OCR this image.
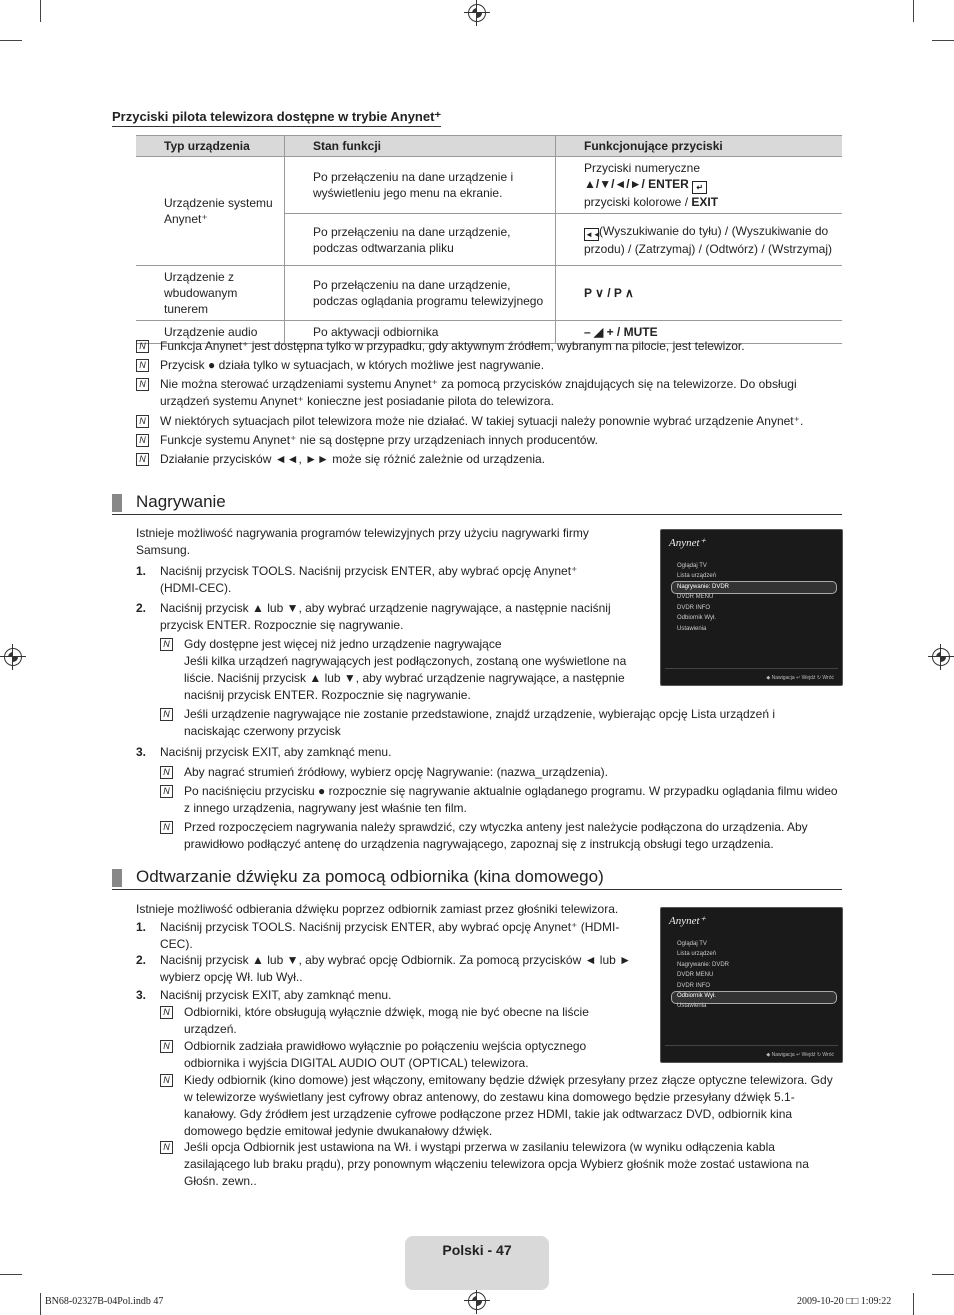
Przyciski pilota telewizora dostępne w trybie Anynet⁺
Typ urządzenia	Stan funkcji	Funkcjonujące przyciski
Urządzenie systemu Anynet⁺	Po przełączeniu na dane urządzenie i wyświetleniu jego menu na ekranie.	Przyciski numeryczne
▲/▼/◄/►/ ENTER ↵
przyciski kolorowe / EXIT

	Po przełączeniu na dane urządzenie, podczas odtwarzania pliku	◄◄(Wyszukiwanie do tyłu) / (Wyszukiwanie do przodu) / (Zatrzymaj) / (Odtwórz) / (Wstrzymaj)
Urządzenie z wbudowanym tunerem	Po przełączeniu na dane urządzenie, podczas oglądania programu telewizyjnego	P ∨ / P ∧
Urządzenie audio	Po aktywacji odbiornika	– ◢ + / MUTE
N Funkcja Anynet⁺ jest dostępna tylko w przypadku, gdy aktywnym źródłem, wybranym na pilocie, jest telewizor.
N Przycisk ● działa tylko w sytuacjach, w których możliwe jest nagrywanie.
N Nie można sterować urządzeniami systemu Anynet⁺ za pomocą przycisków znajdujących się na telewizorze. Do obsługi urządzeń systemu Anynet⁺ konieczne jest posiadanie pilota do telewizora.
N W niektórych sytuacjach pilot telewizora może nie działać. W takiej sytuacji należy ponownie wybrać urządzenie Anynet⁺.
N Funkcje systemu Anynet⁺ nie są dostępne przy urządzeniach innych producentów.
N Działanie przycisków ◄◄, ►► może się różnić zależnie od urządzenia.
Nagrywanie
Istnieje możliwość nagrywania programów telewizyjnych przy użyciu nagrywarki firmy Samsung.
1. Naciśnij przycisk TOOLS. Naciśnij przycisk ENTER, aby wybrać opcję Anynet⁺ (HDMI-CEC).
2. Naciśnij przycisk ▲ lub ▼, aby wybrać urządzenie nagrywające, a następnie naciśnij przycisk ENTER. Rozpocznie się nagrywanie.
N Gdy dostępne jest więcej niż jedno urządzenie nagrywające
Jeśli kilka urządzeń nagrywających jest podłączonych, zostaną one wyświetlone na liście. Naciśnij przycisk ▲ lub ▼, aby wybrać urządzenie nagrywające, a następnie naciśnij przycisk ENTER. Rozpocznie się nagrywanie.
N Jeśli urządzenie nagrywające nie zostanie przedstawione, znajdź urządzenie, wybierając opcję Lista urządzeń i naciskając czerwony przycisk
3. Naciśnij przycisk EXIT, aby zamknąć menu.
N Aby nagrać strumień źródłowy, wybierz opcję Nagrywanie: (nazwa_urządzenia).
N Po naciśnięciu przycisku ● rozpocznie się nagrywanie aktualnie oglądanego programu. W przypadku oglądania filmu wideo z innego urządzenia, nagrywany jest właśnie ten film.
N Przed rozpoczęciem nagrywania należy sprawdzić, czy wtyczka anteny jest należycie podłączona do urządzenia. Aby prawidłowo podłączyć antenę do urządzenia nagrywającego, zapoznaj się z instrukcją obsługi tego urządzenia.
Anynet⁺
Oglądaj TV
Lista urządzeń
Nagrywanie: DVDR
DVDR MENU
DVDR INFO
Odbiornik Wył.
Ustawienia
◆ Nawigacja ↵ Wejdź ↻ Wróć
Odtwarzanie dźwięku za pomocą odbiornika (kina domowego)
Istnieje możliwość odbierania dźwięku poprzez odbiornik zamiast przez głośniki telewizora.
1. Naciśnij przycisk TOOLS. Naciśnij przycisk ENTER, aby wybrać opcję Anynet⁺ (HDMI-CEC).
2. Naciśnij przycisk ▲ lub ▼, aby wybrać opcję Odbiornik. Za pomocą przycisków ◄ lub ► wybierz opcję Wł. lub Wył..
3. Naciśnij przycisk EXIT, aby zamknąć menu.
N Odbiorniki, które obsługują wyłącznie dźwięk, mogą nie być obecne na liście urządzeń.
N Odbiornik zadziała prawidłowo wyłącznie po połączeniu wejścia optycznego odbiornika i wyjścia DIGITAL AUDIO OUT (OPTICAL) telewizora.
N Kiedy odbiornik (kino domowe) jest włączony, emitowany będzie dźwięk przesyłany przez złącze optyczne telewizora. Gdy w telewizorze wyświetlany jest cyfrowy obraz antenowy, do zestawu kina domowego będzie przesyłany dźwięk 5.1-kanałowy. Gdy źródłem jest urządzenie cyfrowe podłączone przez HDMI, takie jak odtwarzacz DVD, odbiornik kina domowego będzie emitował jedynie dwukanałowy dźwięk.
N Jeśli opcja Odbiornik jest ustawiona na Wł. i wystąpi przerwa w zasilaniu telewizora (w wyniku odłączenia kabla zasilającego lub braku prądu), przy ponownym włączeniu telewizora opcja Wybierz głośnik może zostać ustawiona na Głośn. zewn..
Anynet⁺
Oglądaj TV
Lista urządzeń
Nagrywanie: DVDR
DVDR MENU
DVDR INFO
Odbiornik Wył.
Ustawienia
◆ Nawigacja ↵ Wejdź ↻ Wróć
Polski - 47
BN68-02327B-04Pol.indb 47	2009-10-20 □□ 1:09:22
